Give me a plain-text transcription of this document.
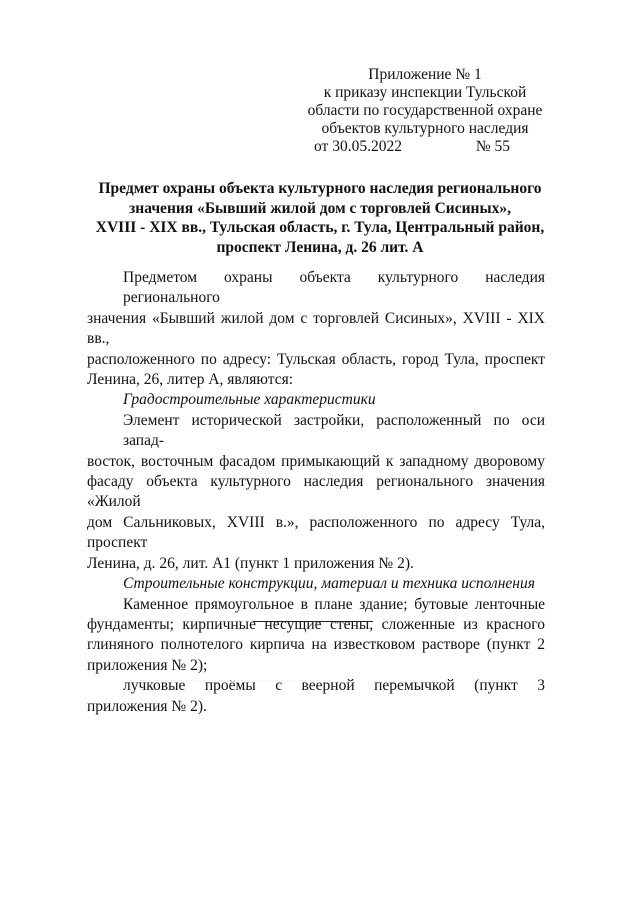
Приложение № 1
к приказу инспекции Тульской
области по государственной охране
объектов культурного наследия
от 30.05.2022	№ 55
Предмет охраны объекта культурного наследия регионального
значения «Бывший жилой дом с торговлей Сисиных»,
XVIII - XIX вв., Тульская область, г. Тула, Центральный район,
проспект Ленина, д. 26 лит. А
Предметом охраны объекта культурного наследия регионального
значения «Бывший жилой дом с торговлей Сисиных», XVIII - XIX вв.,
расположенного по адресу: Тульская область, город Тула, проспект
Ленина, 26, литер А, являются:
Градостроительные характеристики
Элемент исторической застройки, расположенный по оси запад-
восток, восточным фасадом примыкающий к западному дворовому
фасаду объекта культурного наследия регионального значения «Жилой
дом Сальниковых, XVIII в.», расположенного по адресу Тула, проспект
Ленина, д. 26, лит. А1 (пункт 1 приложения № 2).
Строительные конструкции, материал и техника исполнения
Каменное прямоугольное в плане здание; бутовые ленточные
фундаменты; кирпичные несущие стены, сложенные из красного
глиняного полнотелого кирпича на известковом растворе (пункт 2
приложения № 2);
лучковые проёмы с веерной перемычкой (пункт 3
приложения № 2).
